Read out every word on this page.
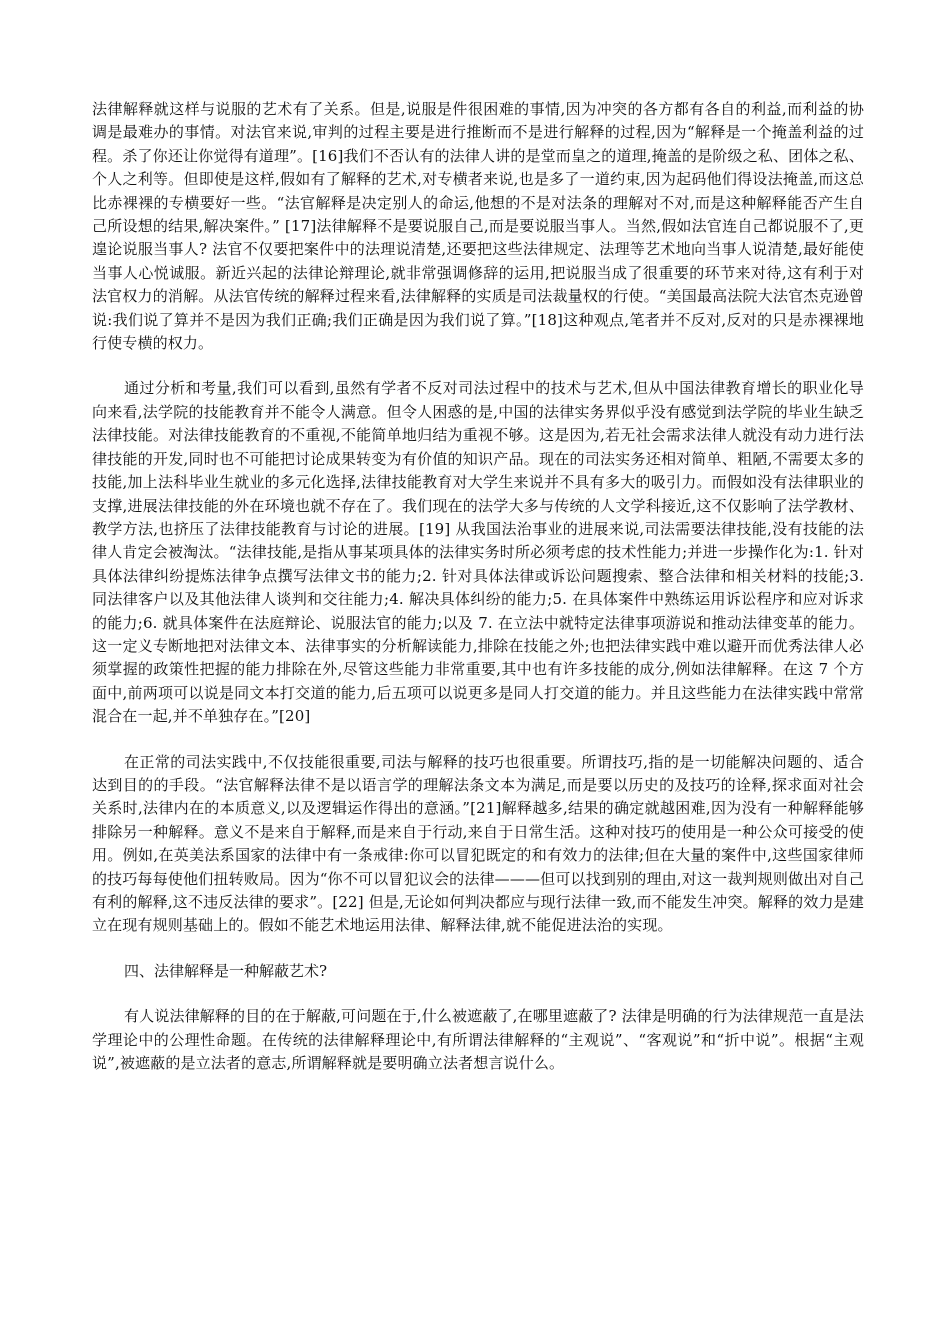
法律解释就这样与说服的艺术有了关系。但是,说服是件很困难的事情,因为冲突的各方都有各自的利益,而利益的协调是最难办的事情。对法官来说,审判的过程主要是进行推断而不是进行解释的过程,因为“解释是一个掩盖利益的过程。杀了你还让你觉得有道理”。[16]我们不否认有的法律人讲的是堂而皇之的道理,掩盖的是阶级之私、团体之私、个人之利等。但即使是这样,假如有了解释的艺术,对专横者来说,也是多了一道约束,因为起码他们得设法掩盖,而这总比赤裸裸的专横要好一些。“法官解释是决定别人的命运,他想的不是对法条的理解对不对,而是这种解释能否产生自己所设想的结果,解决案件。” [17]法律解释不是要说服自己,而是要说服当事人。当然,假如法官连自己都说服不了,更遑论说服当事人? 法官不仅要把案件中的法理说清楚,还要把这些法律规定、法理等艺术地向当事人说清楚,最好能使当事人心悦诚服。新近兴起的法律论辩理论,就非常强调修辞的运用,把说服当成了很重要的环节来对待,这有利于对法官权力的消解。从法官传统的解释过程来看,法律解释的实质是司法裁量权的行使。“美国最高法院大法官杰克逊曾说:我们说了算并不是因为我们正确;我们正确是因为我们说了算。”[18]这种观点,笔者并不反对,反对的只是赤裸裸地行使专横的权力。

通过分析和考量,我们可以看到,虽然有学者不反对司法过程中的技术与艺术,但从中国法律教育增长的职业化导向来看,法学院的技能教育并不能令人满意。但令人困惑的是,中国的法律实务界似乎没有感觉到法学院的毕业生缺乏法律技能。对法律技能教育的不重视,不能简单地归结为重视不够。这是因为,若无社会需求法律人就没有动力进行法律技能的开发,同时也不可能把讨论成果转变为有价值的知识产品。现在的司法实务还相对简单、粗陋,不需要太多的技能,加上法科毕业生就业的多元化选择,法律技能教育对大学生来说并不具有多大的吸引力。而假如没有法律职业的支撑,进展法律技能的外在环境也就不存在了。我们现在的法学大多与传统的人文学科接近,这不仅影响了法学教材、教学方法,也挤压了法律技能教育与讨论的进展。[19] 从我国法治事业的进展来说,司法需要法律技能,没有技能的法律人肯定会被淘汰。“法律技能,是指从事某项具体的法律实务时所必须考虑的技术性能力;并进一步操作化为:1. 针对具体法律纠纷提炼法律争点撰写法律文书的能力;2. 针对具体法律或诉讼问题搜索、整合法律和相关材料的技能;3. 同法律客户以及其他法律人谈判和交往能力;4. 解决具体纠纷的能力;5. 在具体案件中熟练运用诉讼程序和应对诉求的能力;6. 就具体案件在法庭辩论、说服法官的能力;以及 7. 在立法中就特定法律事项游说和推动法律变革的能力。这一定义专断地把对法律文本、法律事实的分析解读能力,排除在技能之外;也把法律实践中难以避开而优秀法律人必须掌握的政策性把握的能力排除在外,尽管这些能力非常重要,其中也有许多技能的成分,例如法律解释。在这 7 个方面中,前两项可以说是同文本打交道的能力,后五项可以说更多是同人打交道的能力。并且这些能力在法律实践中常常混合在一起,并不单独存在。”[20]

在正常的司法实践中,不仅技能很重要,司法与解释的技巧也很重要。所谓技巧,指的是一切能解决问题的、适合达到目的的手段。“法官解释法律不是以语言学的理解法条文本为满足,而是要以历史的及技巧的诠释,探求面对社会关系时,法律内在的本质意义,以及逻辑运作得出的意涵。”[21]解释越多,结果的确定就越困难,因为没有一种解释能够排除另一种解释。意义不是来自于解释,而是来自于行动,来自于日常生活。这种对技巧的使用是一种公众可接受的使用。例如,在英美法系国家的法律中有一条戒律:你可以冒犯既定的和有效力的法律;但在大量的案件中,这些国家律师的技巧每每使他们扭转败局。因为“你不可以冒犯议会的法律———但可以找到别的理由,对这一裁判规则做出对自己有利的解释,这不违反法律的要求”。[22] 但是,无论如何判决都应与现行法律一致,而不能发生冲突。解释的效力是建立在现有规则基础上的。假如不能艺术地运用法律、解释法律,就不能促进法治的实现。

四、法律解释是一种解蔽艺术?

有人说法律解释的目的在于解蔽,可问题在于,什么被遮蔽了,在哪里遮蔽了? 法律是明确的行为法律规范一直是法学理论中的公理性命题。在传统的法律解释理论中,有所谓法律解释的“主观说”、“客观说”和“折中说”。根据“主观说”,被遮蔽的是立法者的意志,所谓解释就是要明确立法者想言说什么。
